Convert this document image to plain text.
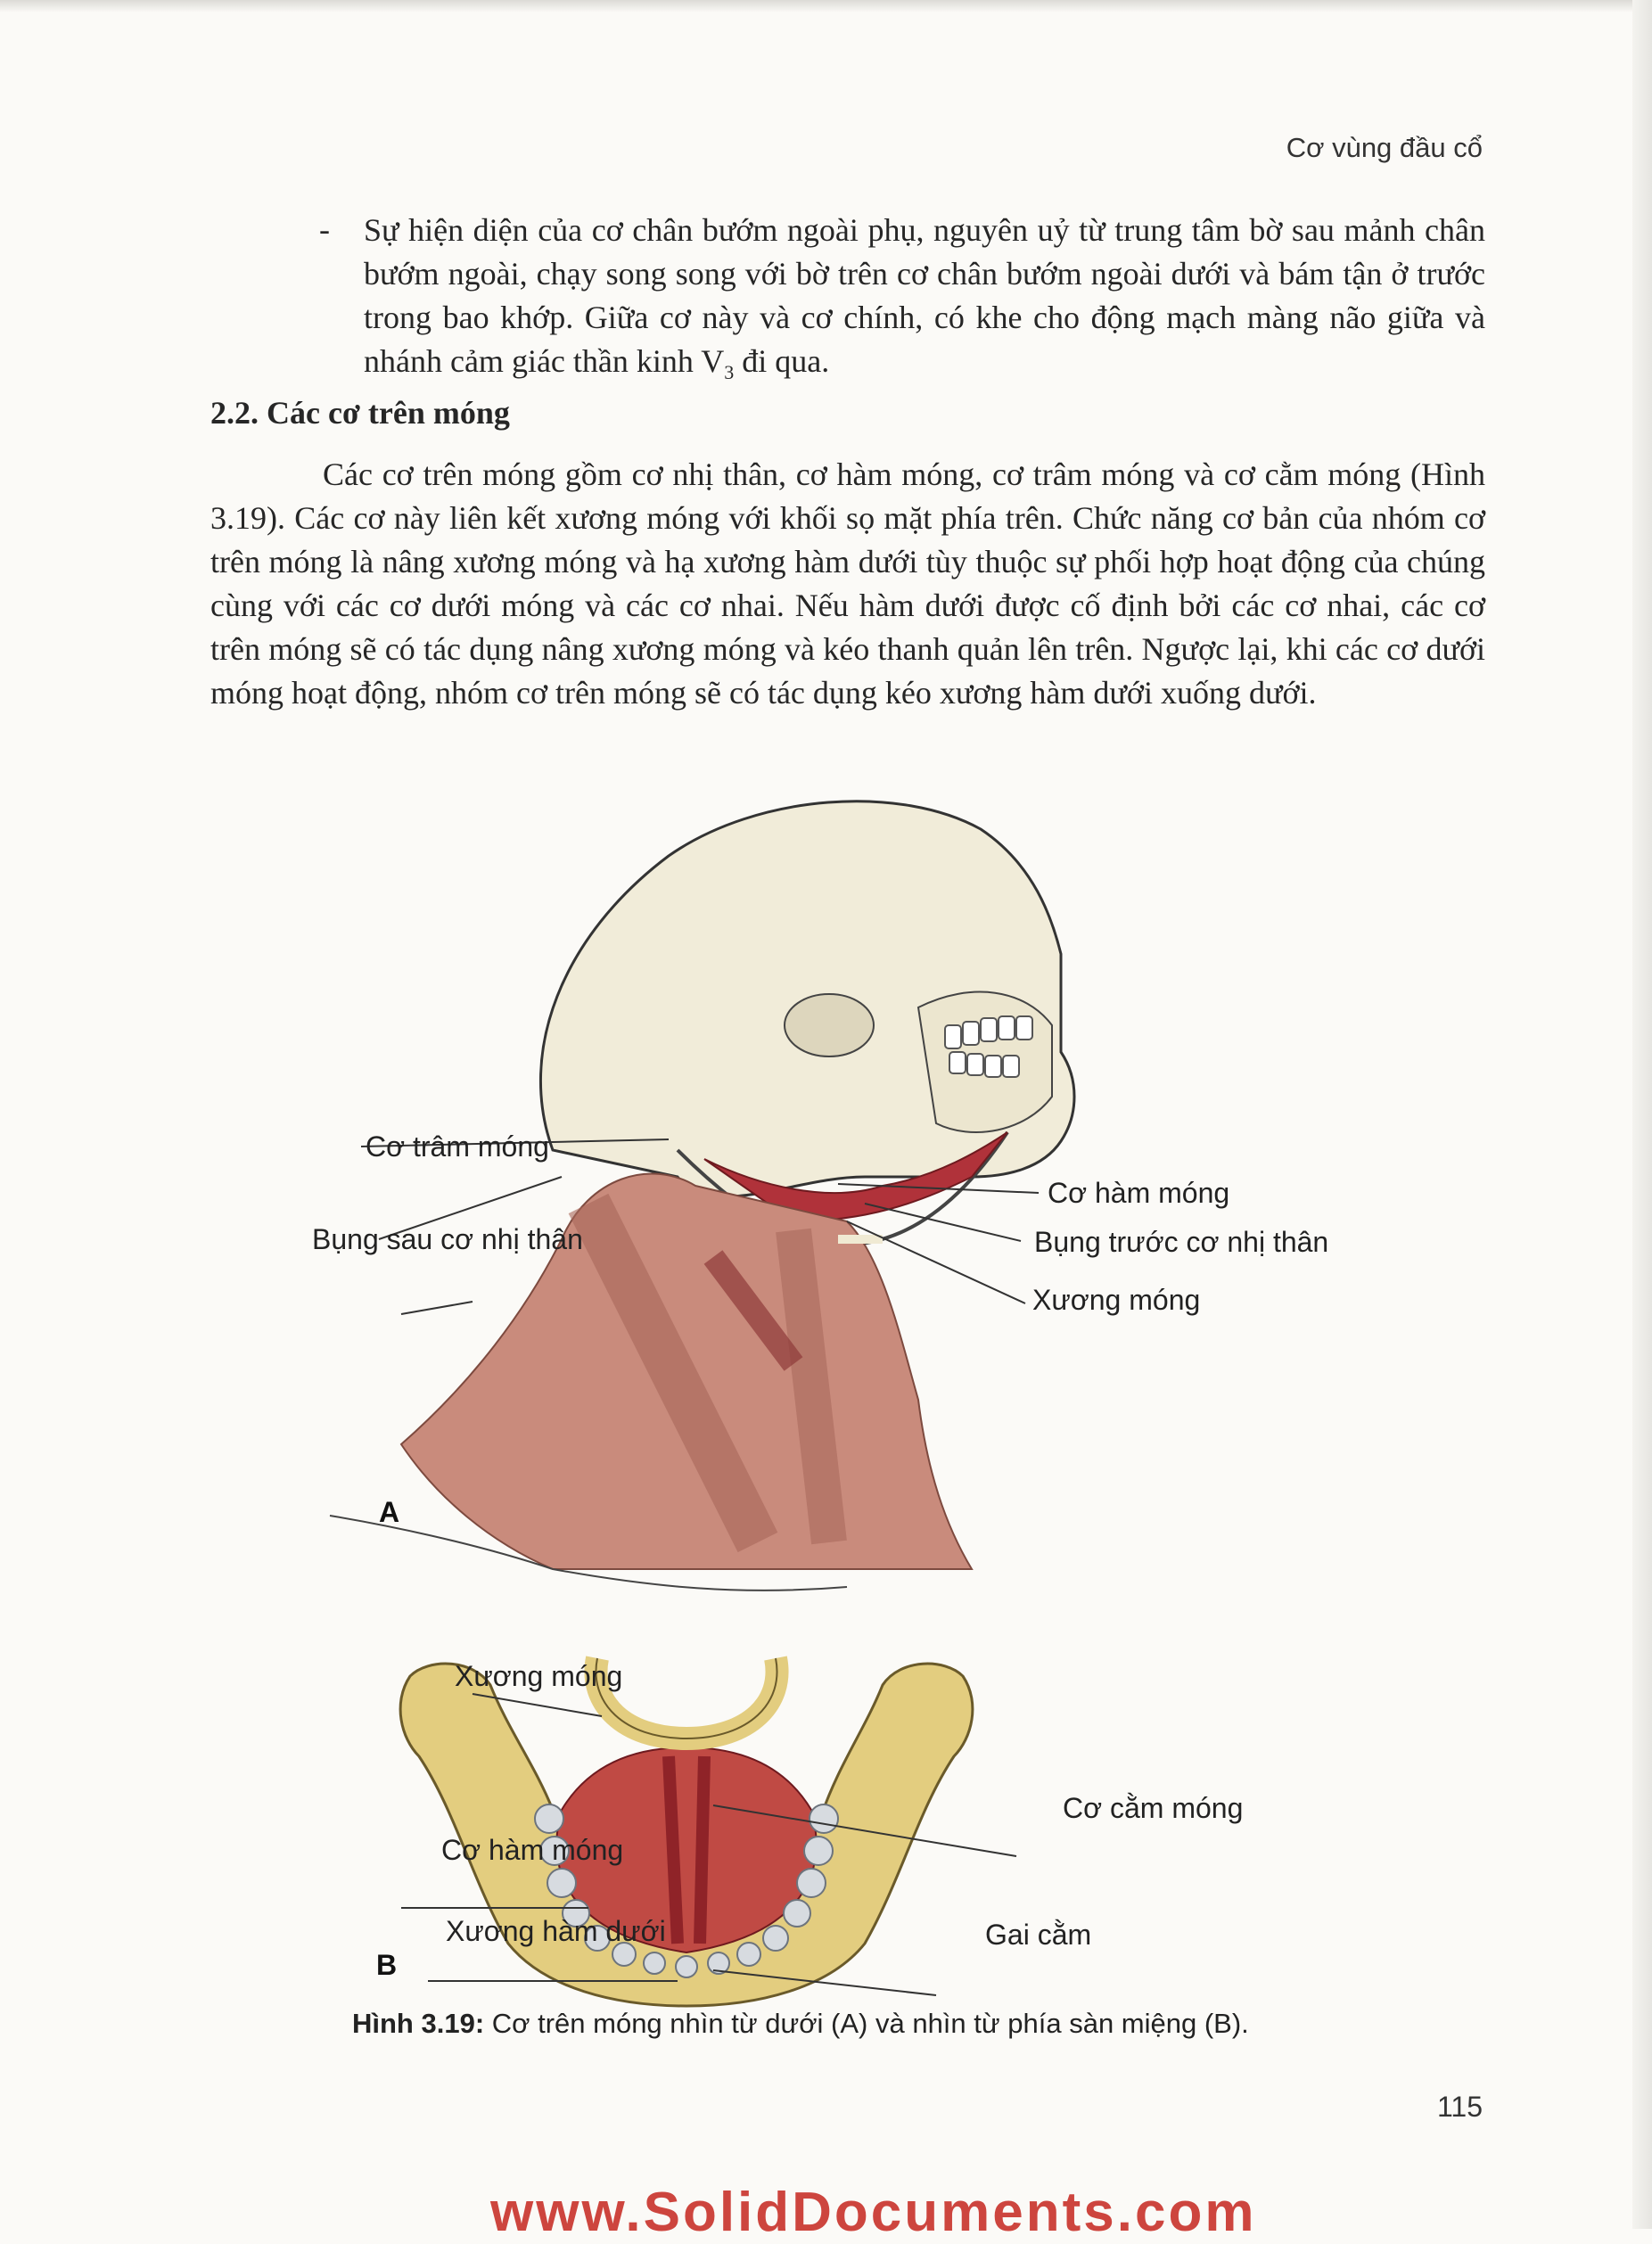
Cơ vùng đầu cổ
- Sự hiện diện của cơ chân bướm ngoài phụ, nguyên uỷ từ trung tâm bờ sau mảnh chân bướm ngoài, chạy song song với bờ trên cơ chân bướm ngoài dưới và bám tận ở trước trong bao khớp. Giữa cơ này và cơ chính, có khe cho động mạch màng não giữa và nhánh cảm giác thần kinh $V_3$ đi qua.
2.2. Các cơ trên móng
Các cơ trên móng gồm cơ nhị thân, cơ hàm móng, cơ trâm móng và cơ cằm móng (Hình 3.19). Các cơ này liên kết xương móng với khối sọ mặt phía trên. Chức năng cơ bản của nhóm cơ trên móng là nâng xương móng và hạ xương hàm dưới tùy thuộc sự phối hợp hoạt động của chúng cùng với các cơ dưới móng và các cơ nhai. Nếu hàm dưới được cố định bởi các cơ nhai, các cơ trên móng sẽ có tác dụng nâng xương móng và kéo thanh quản lên trên. Ngược lại, khi các cơ dưới móng hoạt động, nhóm cơ trên móng sẽ có tác dụng kéo xương hàm dưới xuống dưới.
Cơ trâm móng
Bụng sau cơ nhị thân
Cơ hàm móng
Bụng trước cơ nhị thân
Xương móng
A
Xương móng
Cơ cằm móng
Cơ hàm móng
Xương hàm dưới	Gai cằm
B
Hình 3.19: Cơ trên móng nhìn từ dưới (A) và nhìn từ phía sàn miệng (B).
115
www.SolidDocuments.com
